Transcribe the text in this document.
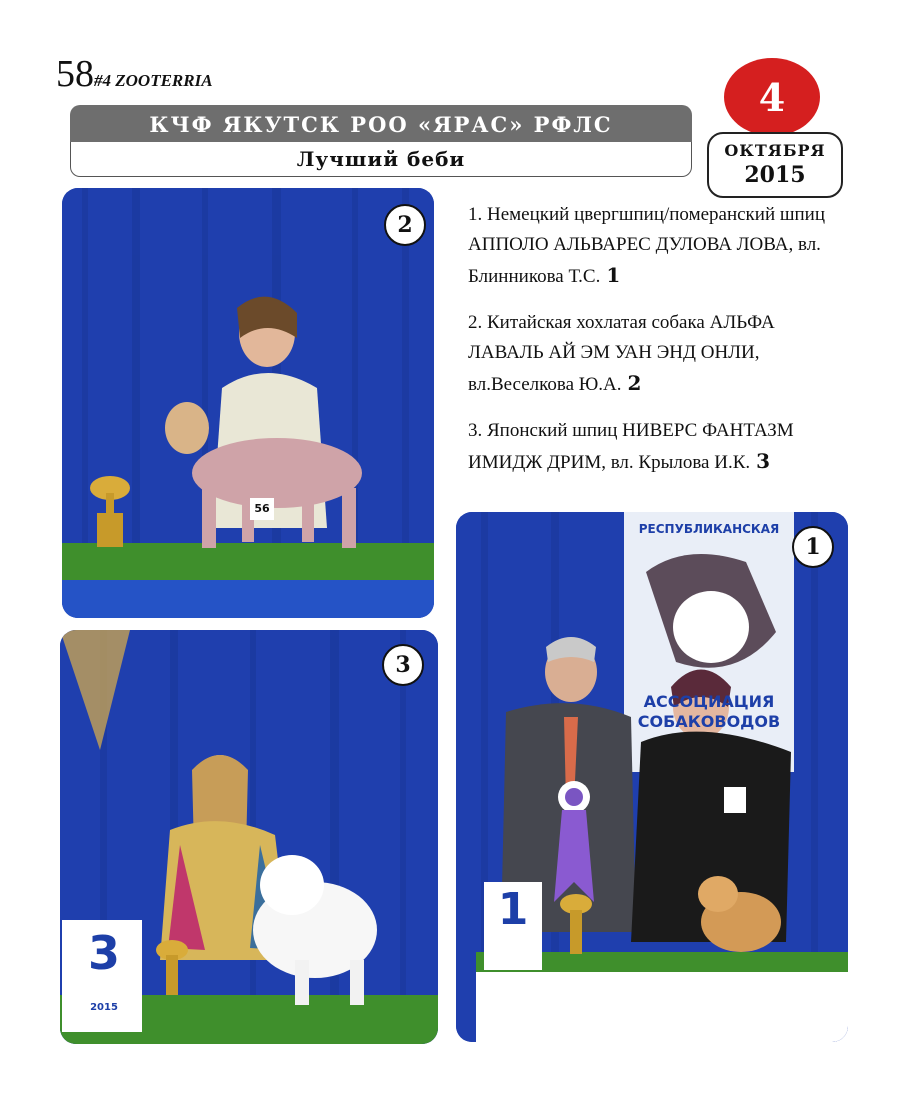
58#4 ZOOTERRIA
КЧФ ЯКУТСК РОО «ЯРАС» РФЛС
Лучший беби
4
ОКТЯБРЯ
2015
1. Немецкий цвергшпиц/померанский шпиц АППОЛО АЛЬВАРЕС ДУЛОВА ЛОВА, вл. Блинникова Т.С. 1
2. Китайская хохлатая собака АЛЬФА ЛАВАЛЬ АЙ ЭМ УАН ЭНД ОНЛИ, вл.Веселкова Ю.А. 2
3. Японский шпиц НИВЕРС ФАНТАЗМ ИМИДЖ ДРИМ, вл. Крылова И.К. 3
56
2
3
2015
3
РЕСПУБЛИКАНСКАЯ
АССОЦИАЦИЯ
СОБАКОВОДОВ
1
1
